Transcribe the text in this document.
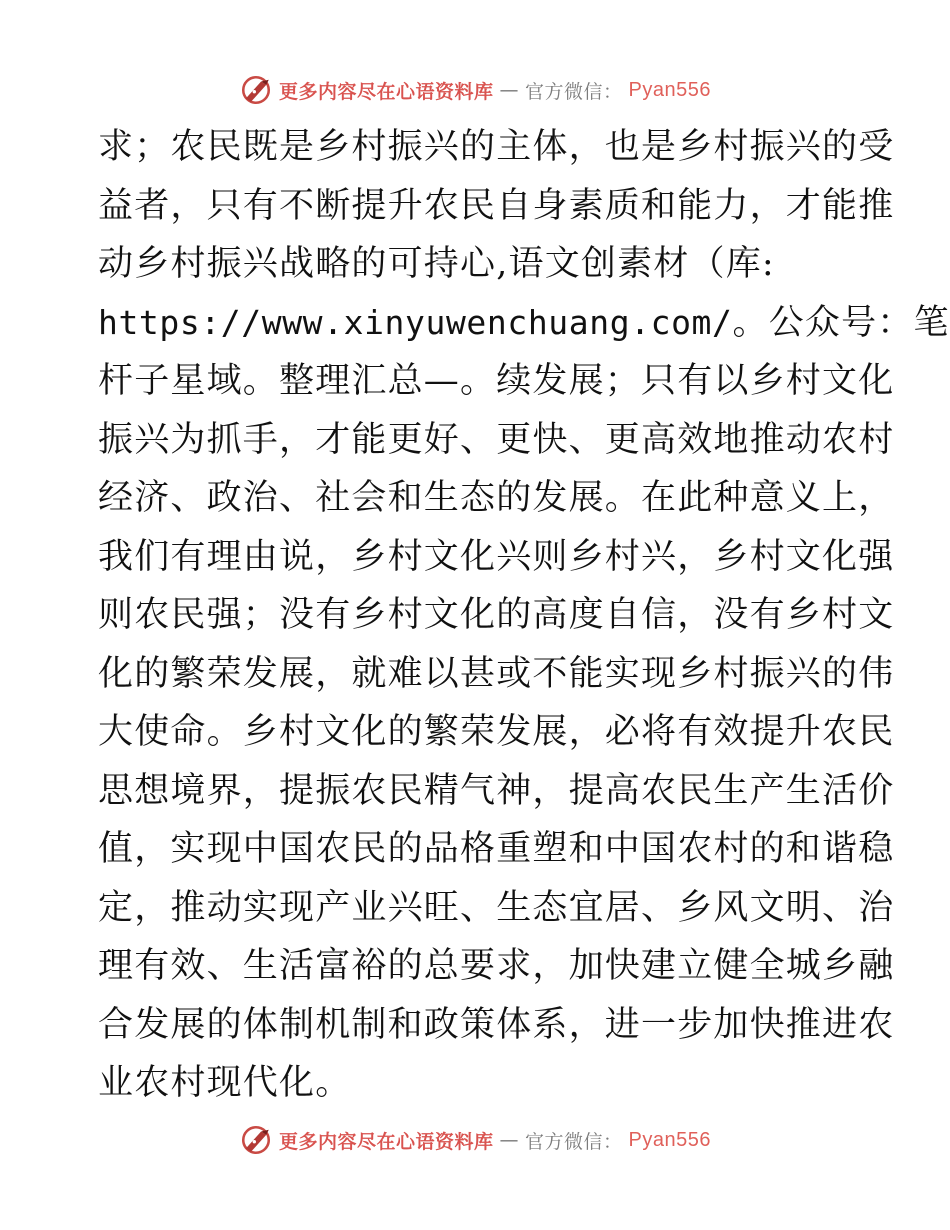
更多内容尽在心语资料库 — 官方微信： Pyan556
求；农民既是乡村振兴的主体，也是乡村振兴的受
益者，只有不断提升农民自身素质和能力，才能推
动乡村振兴战略的可持心,语文创素材（库:
https://www.xinyuwenchuang.com/。公众号：笔
杆子星域。整理汇总—。续发展；只有以乡村文化
振兴为抓手，才能更好、更快、更高效地推动农村
经济、政治、社会和生态的发展。在此种意义上，
我们有理由说，乡村文化兴则乡村兴，乡村文化强
则农民强；没有乡村文化的高度自信，没有乡村文
化的繁荣发展，就难以甚或不能实现乡村振兴的伟
大使命。乡村文化的繁荣发展，必将有效提升农民
思想境界，提振农民精气神，提高农民生产生活价
值，实现中国农民的品格重塑和中国农村的和谐稳
定，推动实现产业兴旺、生态宜居、乡风文明、治
理有效、生活富裕的总要求，加快建立健全城乡融
合发展的体制机制和政策体系，进一步加快推进农
业农村现代化。
更多内容尽在心语资料库 — 官方微信： Pyan556
